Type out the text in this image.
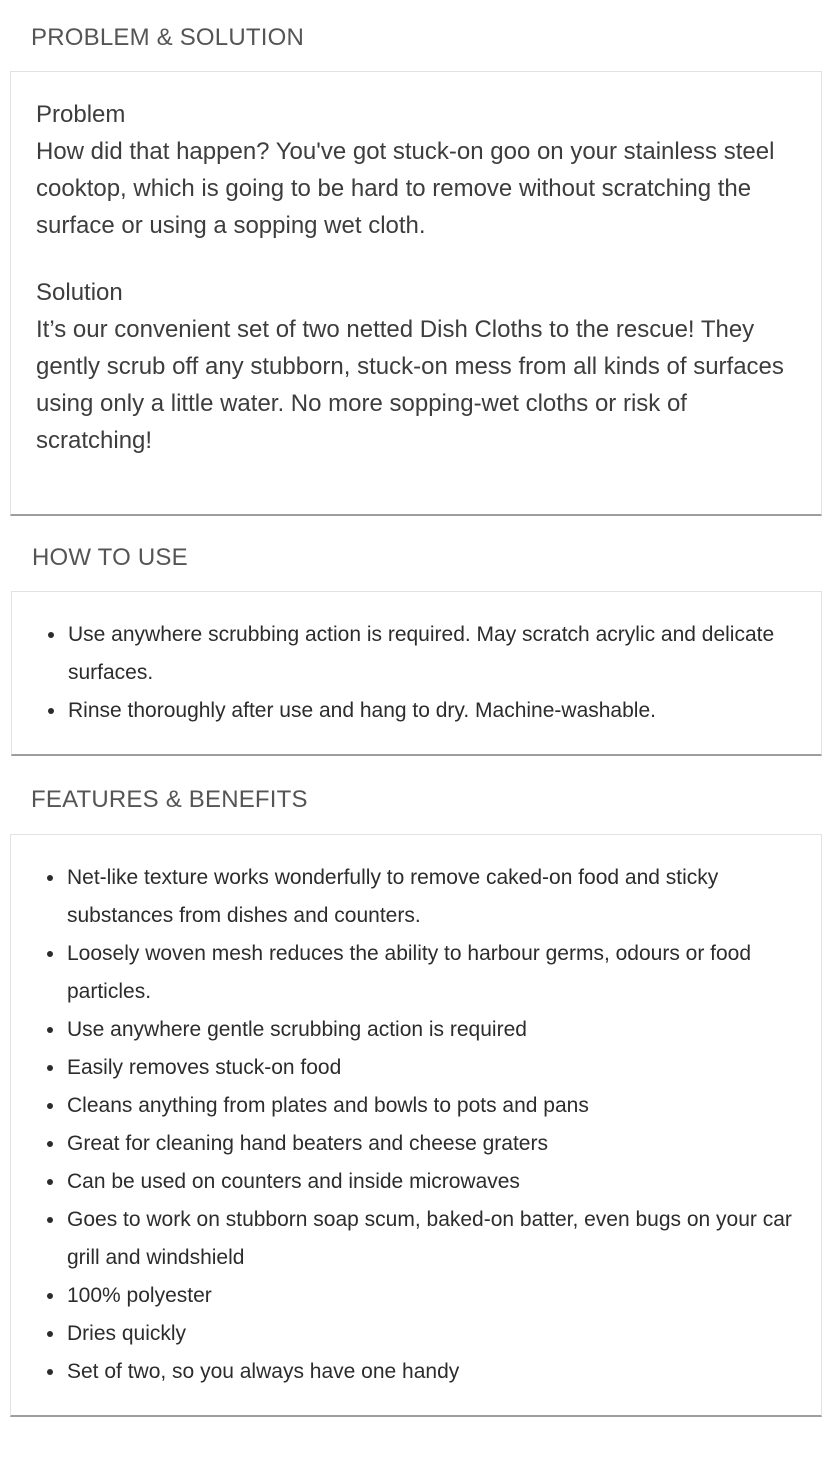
PROBLEM & SOLUTION
Problem
How did that happen? You've got stuck-on goo on your stainless steel cooktop, which is going to be hard to remove without scratching the surface or using a sopping wet cloth.
Solution
It’s our convenient set of two netted Dish Cloths to the rescue! They gently scrub off any stubborn, stuck-on mess from all kinds of surfaces using only a little water. No more sopping-wet cloths or risk of scratching!
HOW TO USE
• Use anywhere scrubbing action is required. May scratch acrylic and delicate surfaces.
• Rinse thoroughly after use and hang to dry. Machine-washable.
FEATURES & BENEFITS
• Net-like texture works wonderfully to remove caked-on food and sticky substances from dishes and counters.
• Loosely woven mesh reduces the ability to harbour germs, odours or food particles.
• Use anywhere gentle scrubbing action is required
• Easily removes stuck-on food
• Cleans anything from plates and bowls to pots and pans
• Great for cleaning hand beaters and cheese graters
• Can be used on counters and inside microwaves
• Goes to work on stubborn soap scum, baked-on batter, even bugs on your car grill and windshield
• 100% polyester
• Dries quickly
• Set of two, so you always have one handy
